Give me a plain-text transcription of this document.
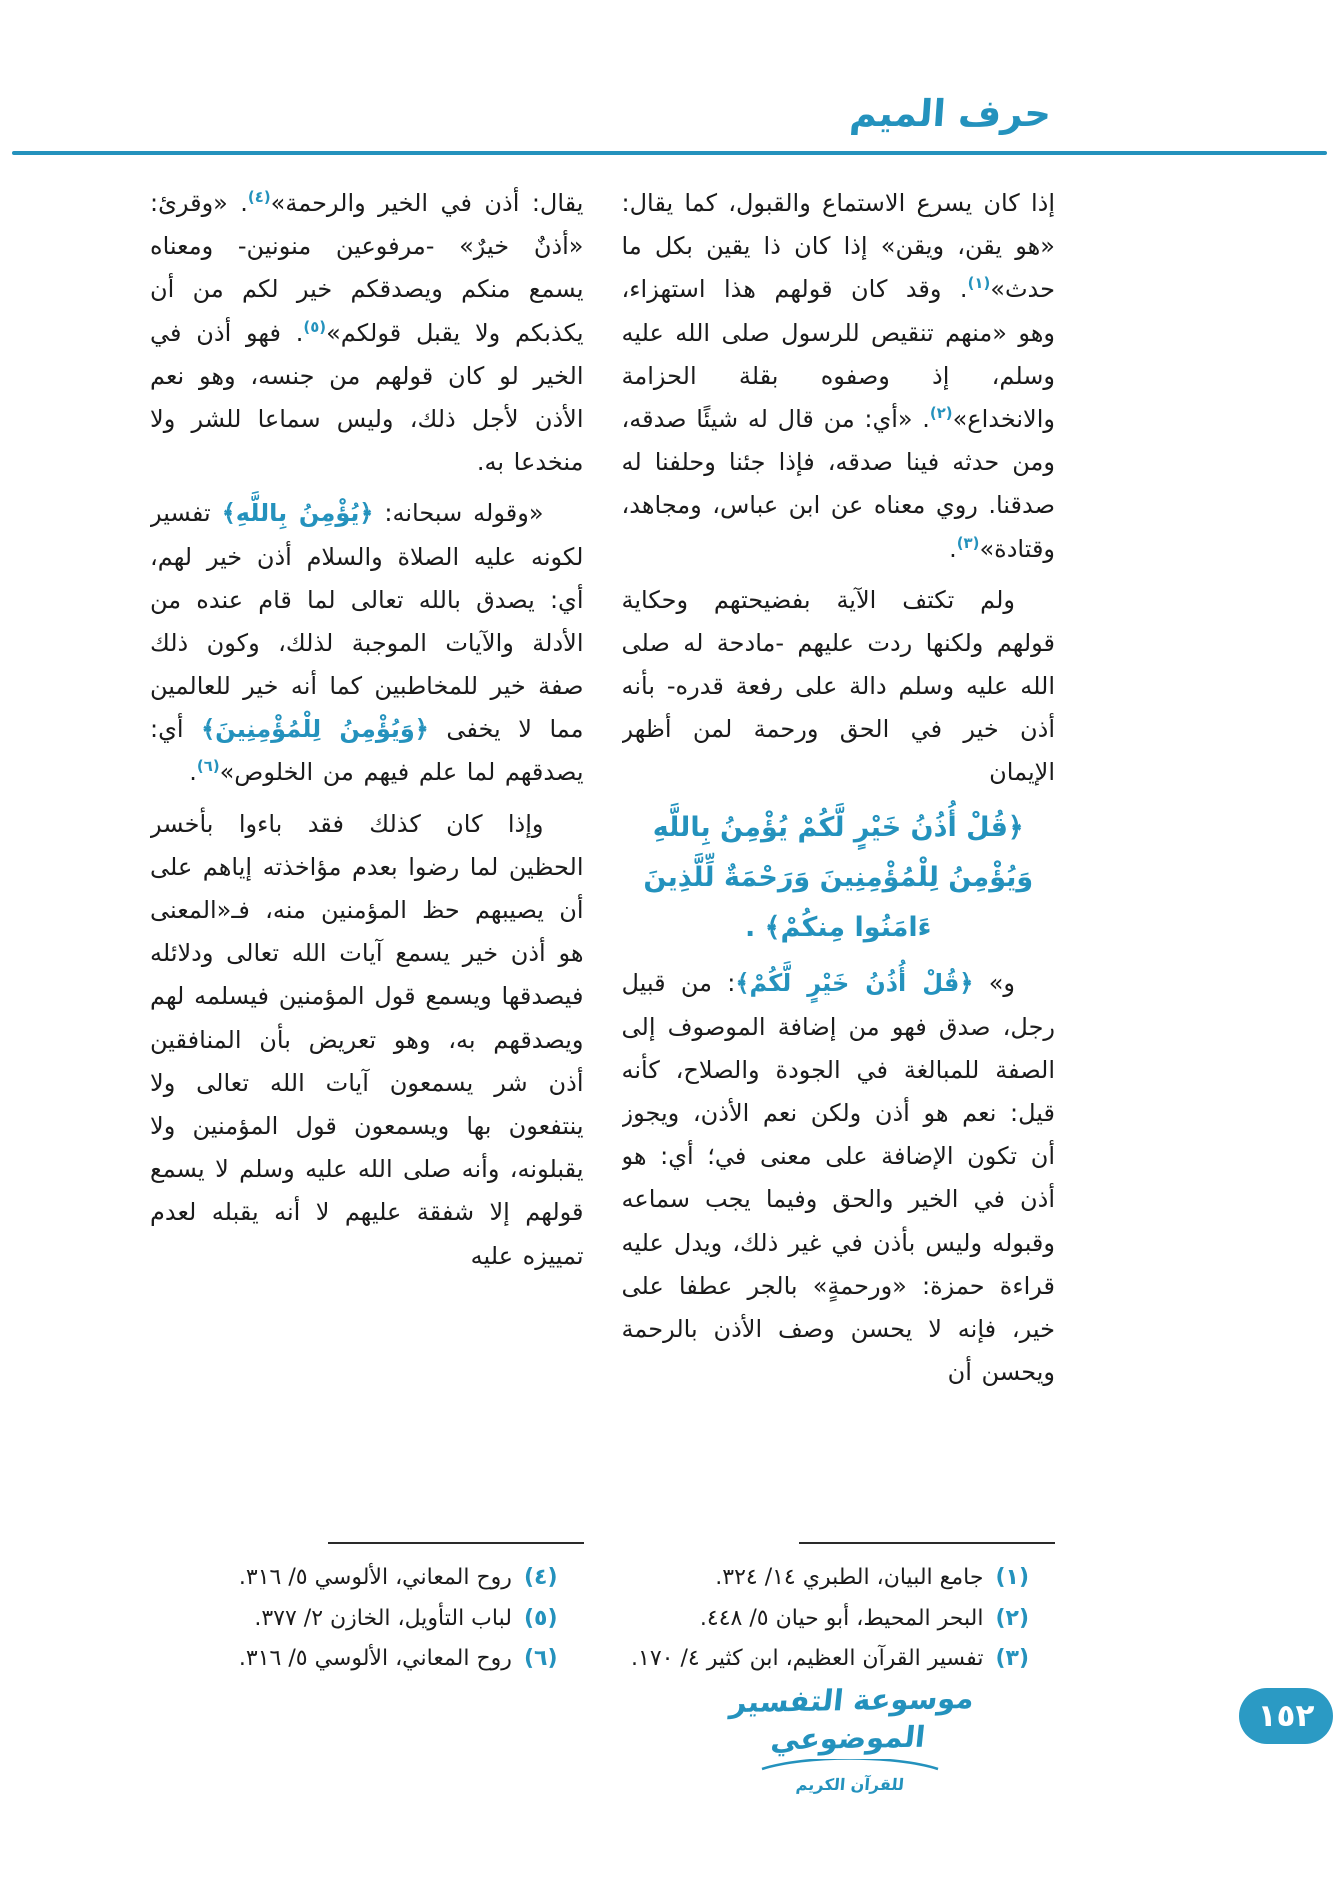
حرف الميم

إذا كان يسرع الاستماع والقبول، كما يقال: «هو يقن، ويقن» إذا كان ذا يقين بكل ما حدث»$^{(١)}$. وقد كان قولهم هذا استهزاء، وهو «منهم تنقيص للرسول صلى الله عليه وسلم، إذ وصفوه بقلة الحزامة والانخداع»$^{(٢)}$. «أي: من قال له شيئًا صدقه، ومن حدثه فينا صدقه، فإذا جئنا وحلفنا له صدقنا. روي معناه عن ابن عباس، ومجاهد، وقتادة»$^{(٣)}$.

ولم تكتف الآية بفضيحتهم وحكاية قولهم ولكنها ردت عليهم -مادحة له صلى الله عليه وسلم دالة على رفعة قدره- بأنه أذن خير في الحق ورحمة لمن أظهر الإيمان

﴿قُلْ أُذُنُ خَيْرٍ لَّكُمْ يُؤْمِنُ بِاللَّهِ وَيُؤْمِنُ لِلْمُؤْمِنِينَ وَرَحْمَةٌ لِّلَّذِينَ ءَامَنُوا مِنكُمْ﴾ .

و» ﴿قُلْ أُذُنُ خَيْرٍ لَّكُمْ﴾: من قبيل رجل، صدق فهو من إضافة الموصوف إلى الصفة للمبالغة في الجودة والصلاح، كأنه قيل: نعم هو أذن ولكن نعم الأذن، ويجوز أن تكون الإضافة على معنى في؛ أي: هو أذن في الخير والحق وفيما يجب سماعه وقبوله وليس بأذن في غير ذلك، ويدل عليه قراءة حمزة: «ورحمةٍ» بالجر عطفا على خير، فإنه لا يحسن وصف الأذن بالرحمة ويحسن أن

يقال: أذن في الخير والرحمة»$^{(٤)}$. «وقرئ: «أذنٌ خيرٌ» -مرفوعين منونين- ومعناه يسمع منكم ويصدقكم خير لكم من أن يكذبكم ولا يقبل قولكم»$^{(٥)}$. فهو أذن في الخير لو كان قولهم من جنسه، وهو نعم الأذن لأجل ذلك، وليس سماعا للشر ولا منخدعا به.

«وقوله سبحانه: ﴿يُؤْمِنُ بِاللَّهِ﴾ تفسير لكونه عليه الصلاة والسلام أذن خير لهم، أي: يصدق بالله تعالى لما قام عنده من الأدلة والآيات الموجبة لذلك، وكون ذلك صفة خير للمخاطبين كما أنه خير للعالمين مما لا يخفى ﴿وَيُؤْمِنُ لِلْمُؤْمِنِينَ﴾ أي: يصدقهم لما علم فيهم من الخلوص»$^{(٦)}$.

وإذا كان كذلك فقد باءوا بأخسر الحظين لما رضوا بعدم مؤاخذته إياهم على أن يصيبهم حظ المؤمنين منه، فـ«المعنى هو أذن خير يسمع آيات الله تعالى ودلائله فيصدقها ويسمع قول المؤمنين فيسلمه لهم ويصدقهم به، وهو تعريض بأن المنافقين أذن شر يسمعون آيات الله تعالى ولا ينتفعون بها ويسمعون قول المؤمنين ولا يقبلونه، وأنه صلى الله عليه وسلم لا يسمع قولهم إلا شفقة عليهم لا أنه يقبله لعدم تمييزه عليه

(١)
جامع البيان، الطبري ١٤/ ٣٢٤.
(٢)
البحر المحيط، أبو حيان ٥/ ٤٤٨.
(٣)
تفسير القرآن العظيم، ابن كثير ٤/ ١٧٠.
(٤)
روح المعاني، الألوسي ٥/ ٣١٦.
(٥)
لباب التأويل، الخازن ٢/ ٣٧٧.
(٦)
روح المعاني، الألوسي ٥/ ٣١٦.
موسوعة التفسير الموضوعي
للقرآن الكريم
١٥٢
